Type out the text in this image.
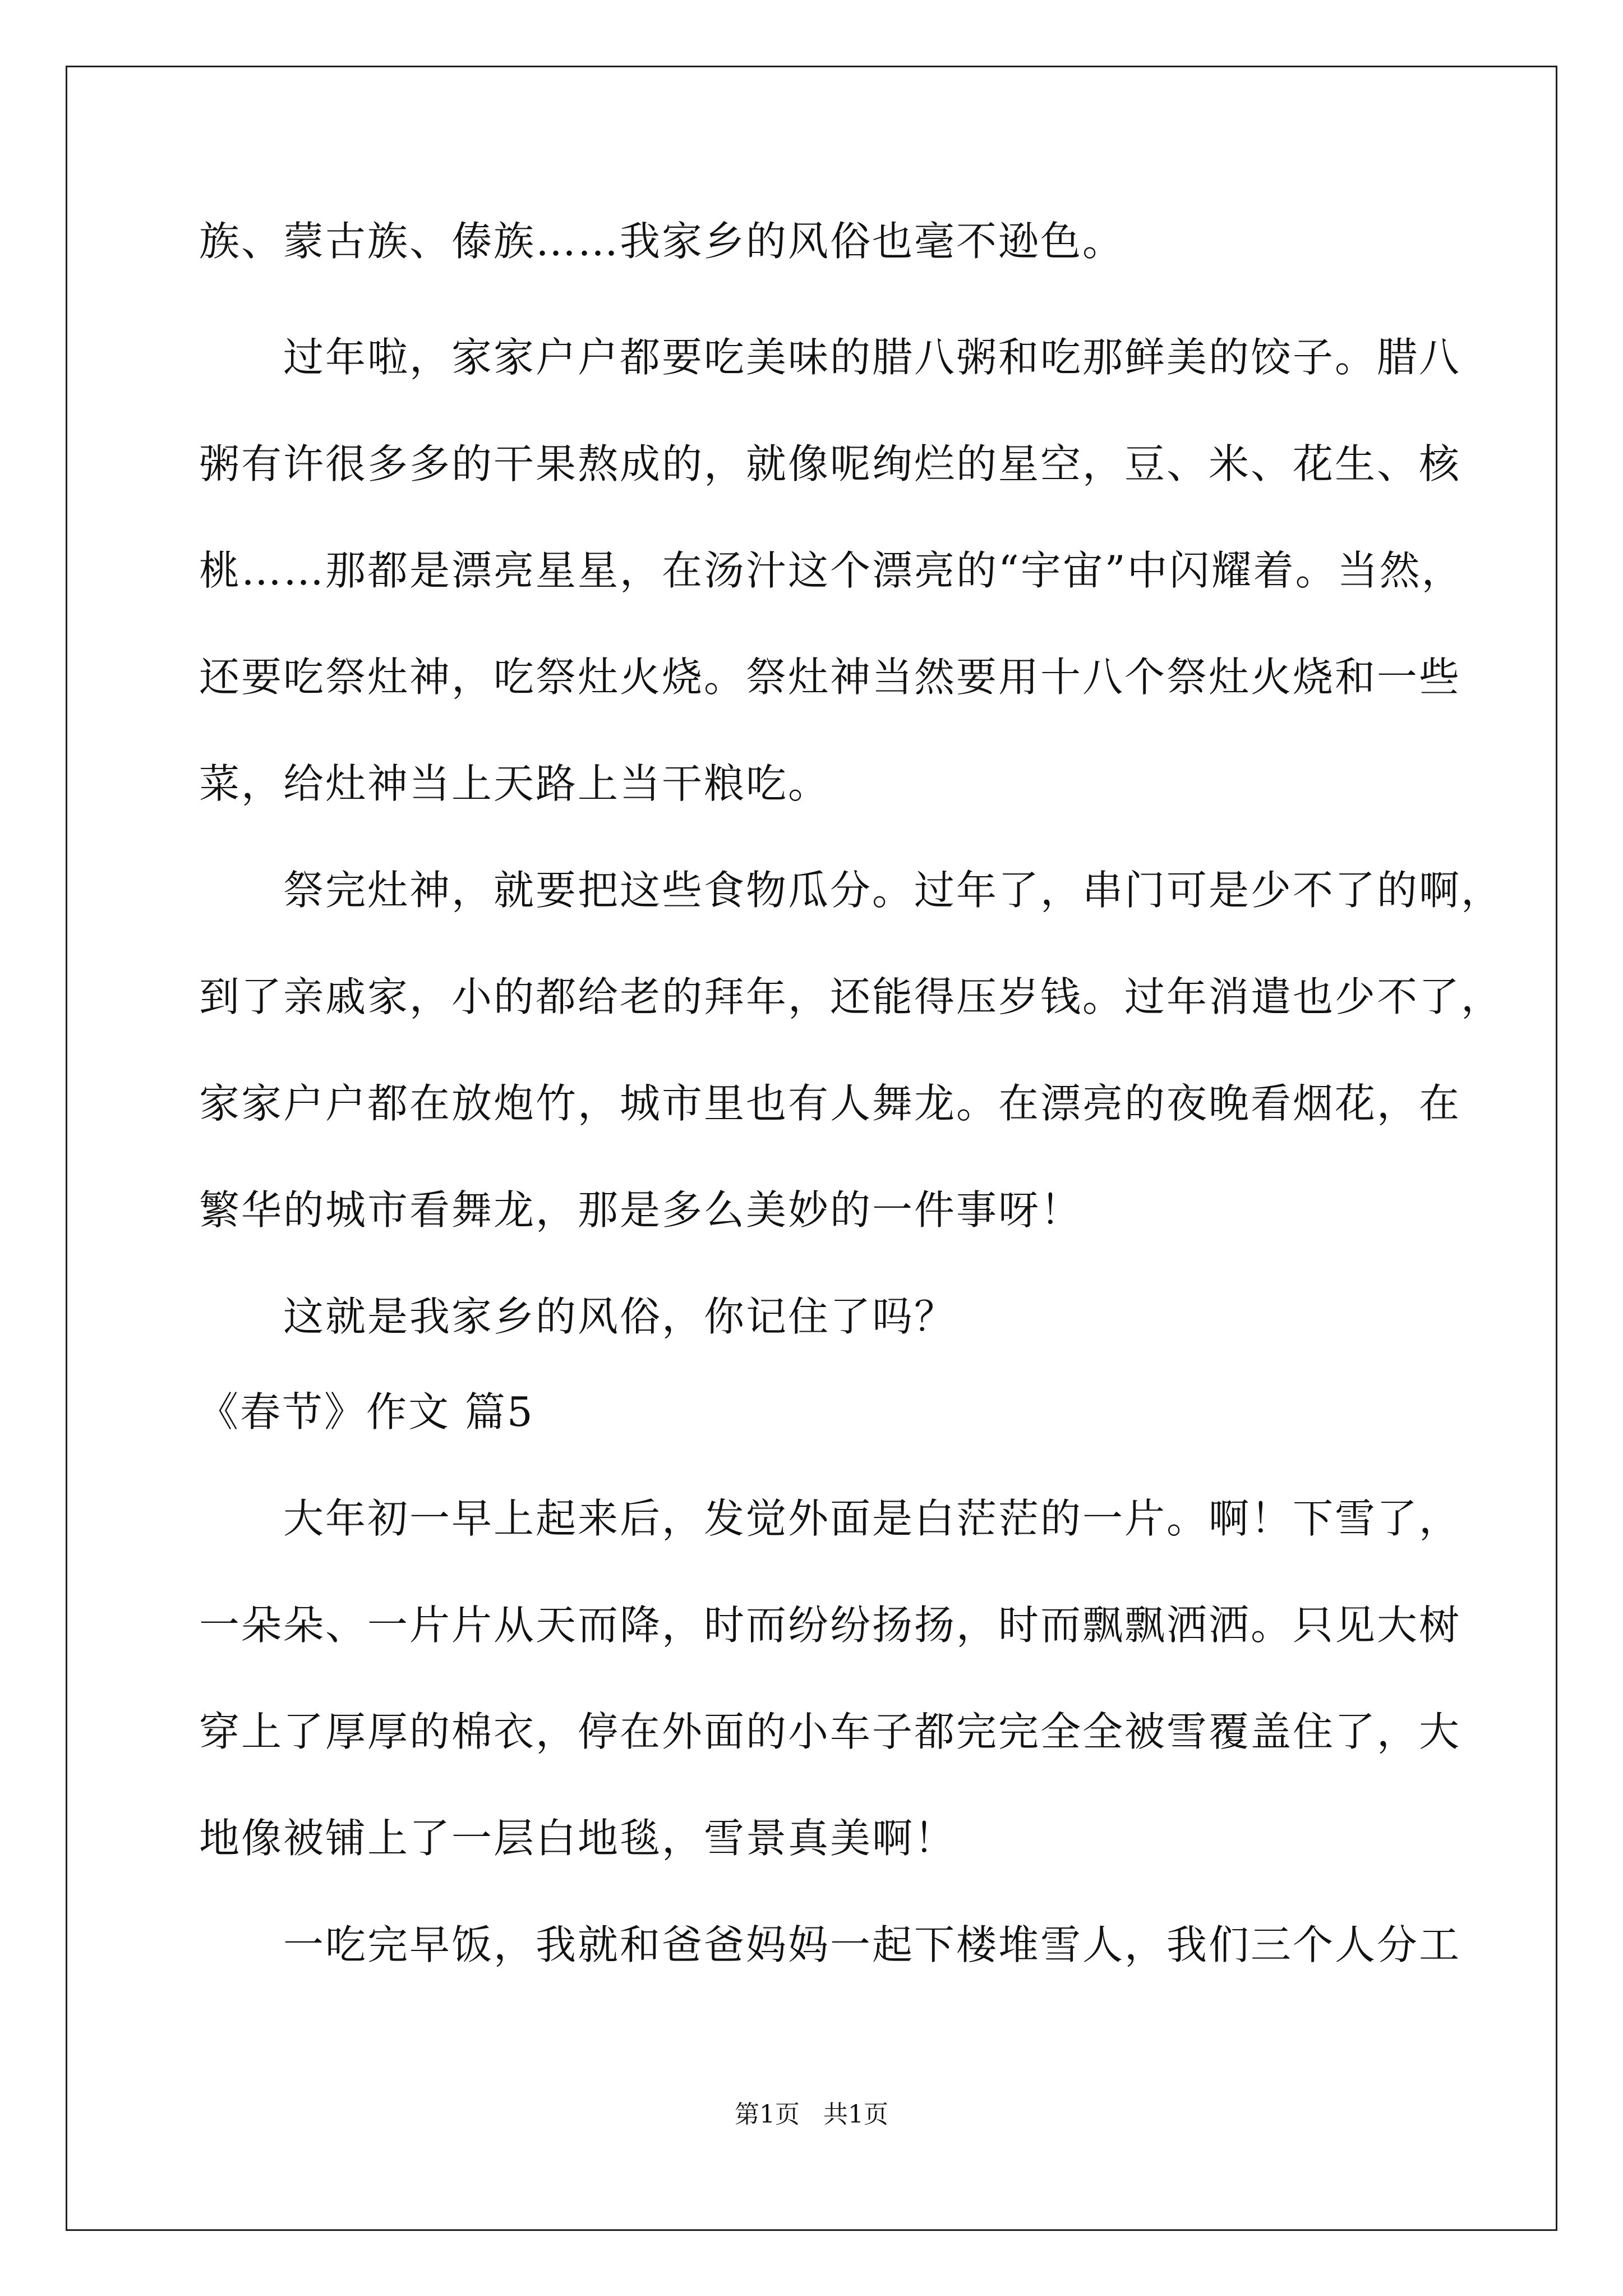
族、蒙古族、傣族……我家乡的风俗也毫不逊色。
过年啦，家家户户都要吃美味的腊八粥和吃那鲜美的饺子。腊八
粥有许很多多的干果熬成的，就像呢绚烂的星空，豆、米、花生、核
桃……那都是漂亮星星，在汤汁这个漂亮的“宇宙”中闪耀着。当然，
还要吃祭灶神，吃祭灶火烧。祭灶神当然要用十八个祭灶火烧和一些
菜，给灶神当上天路上当干粮吃。
祭完灶神，就要把这些食物瓜分。过年了，串门可是少不了的啊，
到了亲戚家，小的都给老的拜年，还能得压岁钱。过年消遣也少不了，
家家户户都在放炮竹，城市里也有人舞龙。在漂亮的夜晚看烟花，在
繁华的城市看舞龙，那是多么美妙的一件事呀！
这就是我家乡的风俗，你记住了吗？
《春节》作文 篇5
大年初一早上起来后，发觉外面是白茫茫的一片。啊！下雪了，
一朵朵、一片片从天而降，时而纷纷扬扬，时而飘飘洒洒。只见大树
穿上了厚厚的棉衣，停在外面的小车子都完完全全被雪覆盖住了，大
地像被铺上了一层白地毯，雪景真美啊！
一吃完早饭，我就和爸爸妈妈一起下楼堆雪人，我们三个人分工
第1页   共1页
